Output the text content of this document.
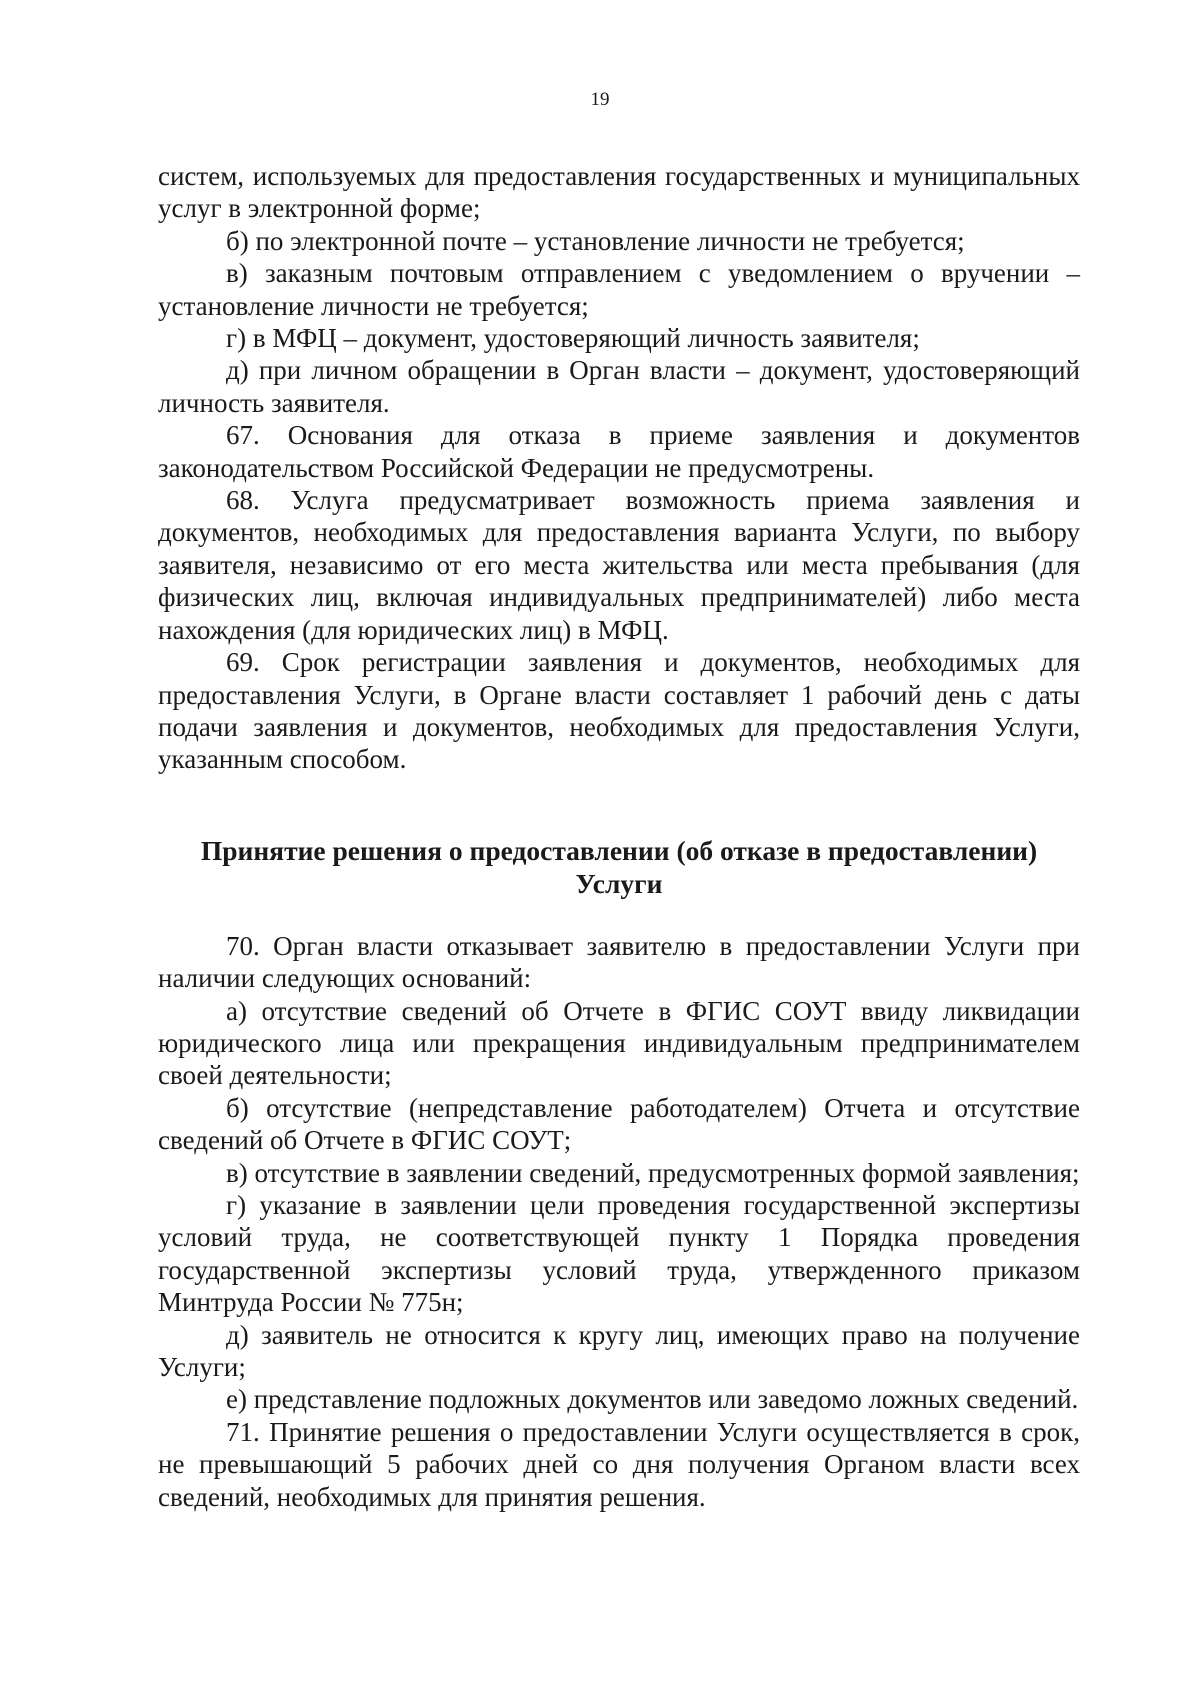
19

систем, используемых для предоставления государственных и муниципальных услуг в электронной форме;

б) по электронной почте – установление личности не требуется;

в) заказным почтовым отправлением с уведомлением о вручении – установление личности не требуется;

г) в МФЦ – документ, удостоверяющий личность заявителя;

д) при личном обращении в Орган власти – документ, удостоверяющий личность заявителя.

67. Основания для отказа в приеме заявления и документов законодательством Российской Федерации не предусмотрены.

68. Услуга предусматривает возможность приема заявления и документов, необходимых для предоставления варианта Услуги, по выбору заявителя, независимо от его места жительства или места пребывания (для физических лиц, включая индивидуальных предпринимателей) либо места нахождения (для юридических лиц) в МФЦ.

69. Срок регистрации заявления и документов, необходимых для предоставления Услуги, в Органе власти составляет 1 рабочий день с даты подачи заявления и документов, необходимых для предоставления Услуги, указанным способом.

Принятие решения о предоставлении (об отказе в предоставлении) Услуги

70. Орган власти отказывает заявителю в предоставлении Услуги при наличии следующих оснований:

а) отсутствие сведений об Отчете в ФГИС СОУТ ввиду ликвидации юридического лица или прекращения индивидуальным предпринимателем своей деятельности;

б) отсутствие (непредставление работодателем) Отчета и отсутствие сведений об Отчете в ФГИС СОУТ;

в) отсутствие в заявлении сведений, предусмотренных формой заявления;

г) указание в заявлении цели проведения государственной экспертизы условий труда, не соответствующей пункту 1 Порядка проведения государственной экспертизы условий труда, утвержденного приказом Минтруда России № 775н;

д) заявитель не относится к кругу лиц, имеющих право на получение Услуги;

е) представление подложных документов или заведомо ложных сведений.

71. Принятие решения о предоставлении Услуги осуществляется в срок, не превышающий 5 рабочих дней со дня получения Органом власти всех сведений, необходимых для принятия решения.
